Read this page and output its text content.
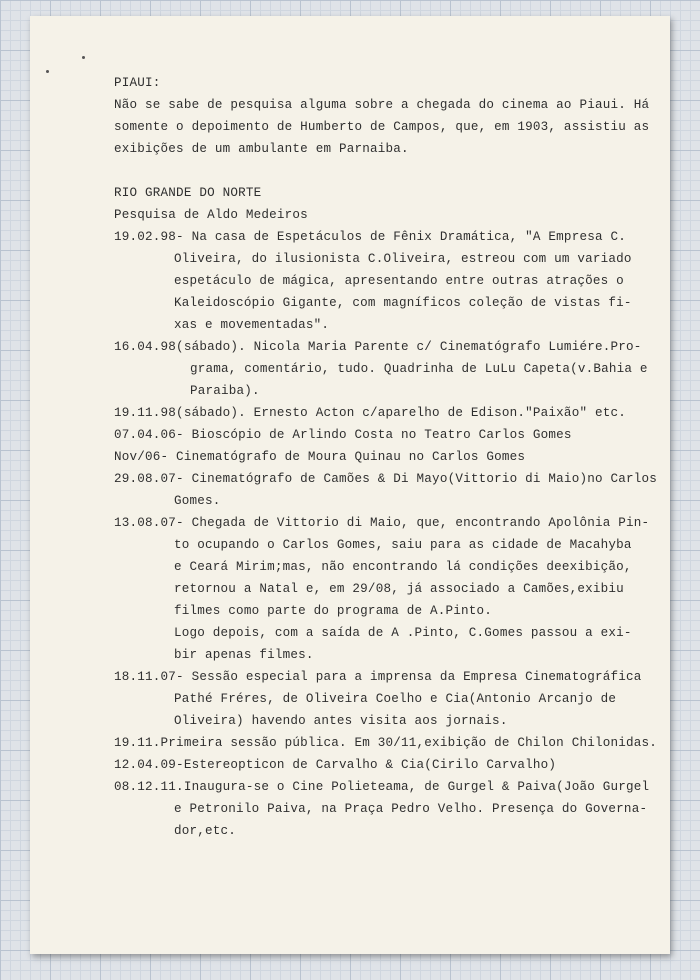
PIAUI:
Não se sabe de pesquisa alguma sobre a chegada do cinema ao Piaui. Há
somente o depoimento de Humberto de Campos, que, em 1903, assistiu as
exibições de um ambulante em Parnaiba.
RIO GRANDE DO NORTE
Pesquisa de Aldo Medeiros
19.02.98- Na casa de Espetáculos de Fênix Dramática, "A Empresa C.
Oliveira, do ilusionista C.Oliveira, estreou com um variado
espetáculo de mágica, apresentando entre outras atrações o
Kaleidoscópio Gigante, com magníficos coleção de vistas fi-
xas e movementadas".
16.04.98(sábado). Nicola Maria Parente c/ Cinematógrafo Lumiére.Pro-
grama, comentário, tudo. Quadrinha de LuLu Capeta(v.Bahia e
Paraiba).
19.11.98(sábado). Ernesto Acton c/aparelho de Edison."Paixão" etc.
07.04.06- Bioscópio de Arlindo Costa no Teatro Carlos Gomes
Nov/06- Cinematógrafo de Moura Quinau no Carlos Gomes
29.08.07- Cinematógrafo de Camões & Di Mayo(Vittorio di Maio)no Carlos
Gomes.
13.08.07- Chegada de Vittorio di Maio, que, encontrando Apolônia Pin-
to ocupando o Carlos Gomes, saiu para as cidade de Macahyba
e Ceará Mirim;mas, não encontrando lá condições deexibição,
retornou a Natal e, em 29/08, já associado a Camões,exibiu
filmes como parte do programa de A.Pinto.
Logo depois, com a saída de A .Pinto, C.Gomes passou a exi-
bir apenas filmes.
18.11.07- Sessão especial para a imprensa da Empresa Cinematográfica
Pathé Fréres, de Oliveira Coelho e Cia(Antonio Arcanjo de
Oliveira) havendo antes visita aos jornais.
19.11.Primeira sessão pública. Em 30/11,exibição de Chilon Chilonidas.
12.04.09-Estereopticon de Carvalho & Cia(Cirilo Carvalho)
08.12.11.Inaugura-se o Cine Polieteama, de Gurgel & Paiva(João Gurgel
e Petronilo Paiva, na Praça Pedro Velho. Presença do Governa-
dor,etc.
